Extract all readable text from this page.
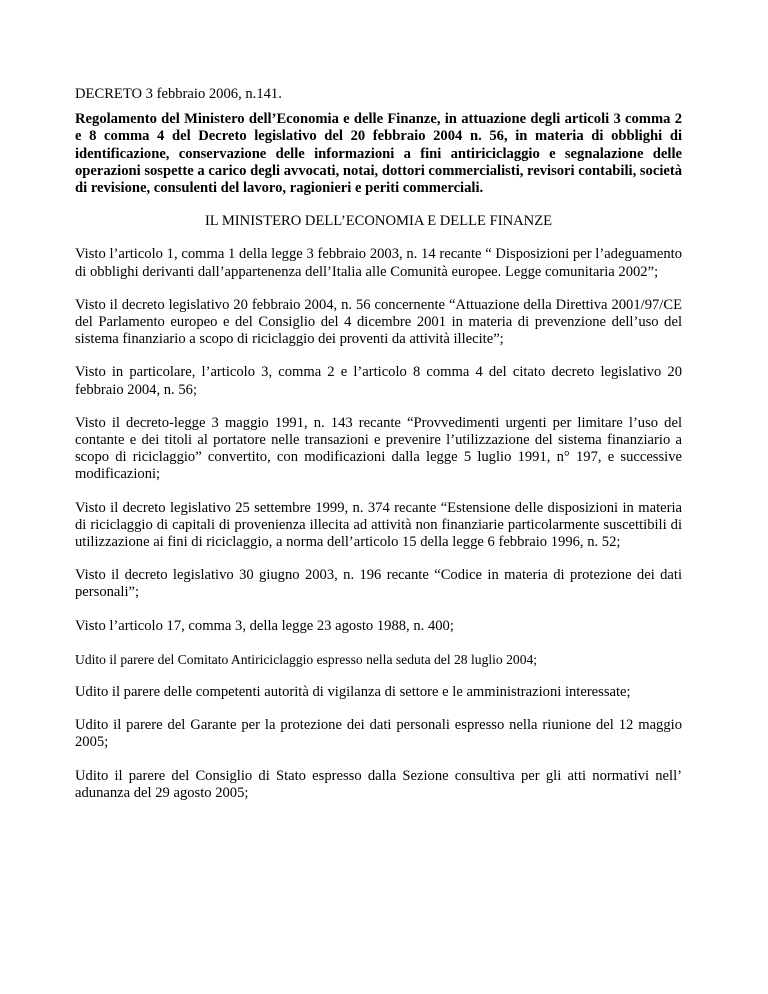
DECRETO 3 febbraio 2006, n.141.

Regolamento del Ministero dell’Economia e delle Finanze, in attuazione degli articoli 3 comma 2 e 8 comma 4 del Decreto legislativo del 20 febbraio 2004 n. 56, in materia di obblighi di identificazione, conservazione delle informazioni a fini antiriciclaggio e segnalazione delle operazioni sospette a carico degli avvocati, notai, dottori commercialisti, revisori contabili, società di revisione, consulenti del lavoro, ragionieri e periti commerciali.

IL MINISTERO DELL’ECONOMIA E DELLE FINANZE

Visto l’articolo 1, comma 1 della legge 3 febbraio 2003, n. 14 recante “ Disposizioni per l’adeguamento di obblighi derivanti dall’appartenenza dell’Italia alle Comunità europee. Legge comunitaria 2002”;

Visto il decreto legislativo 20 febbraio 2004, n. 56 concernente “Attuazione della Direttiva 2001/97/CE del Parlamento europeo e del Consiglio del 4 dicembre 2001 in materia di prevenzione dell’uso del sistema finanziario a scopo di riciclaggio dei proventi da attività illecite”;

Visto in particolare, l’articolo 3, comma 2 e l’articolo 8 comma 4 del citato decreto legislativo 20 febbraio 2004, n. 56;

Visto il decreto-legge 3 maggio 1991, n. 143 recante “Provvedimenti urgenti per limitare l’uso del contante e dei titoli al portatore nelle transazioni e prevenire l’utilizzazione del sistema finanziario a scopo di riciclaggio” convertito, con modificazioni dalla legge 5 luglio 1991, n° 197, e successive modificazioni;

Visto il decreto legislativo 25 settembre 1999, n. 374 recante “Estensione delle disposizioni in materia di riciclaggio di capitali di provenienza illecita ad attività non finanziarie particolarmente suscettibili di utilizzazione ai fini di riciclaggio, a norma dell’articolo 15 della legge 6 febbraio 1996, n. 52;

Visto il decreto legislativo 30 giugno 2003, n. 196 recante “Codice in materia di protezione dei dati personali”;

Visto l’articolo 17, comma 3, della legge 23 agosto 1988, n. 400;

Udito il parere del Comitato Antiriciclaggio espresso nella seduta del 28 luglio 2004;

Udito il parere delle competenti autorità di vigilanza di settore e le amministrazioni interessate;

Udito il parere del Garante per la protezione dei dati personali espresso nella riunione del 12 maggio 2005;

Udito il parere del Consiglio di Stato espresso dalla Sezione consultiva per gli atti normativi nell’ adunanza del 29 agosto 2005;
